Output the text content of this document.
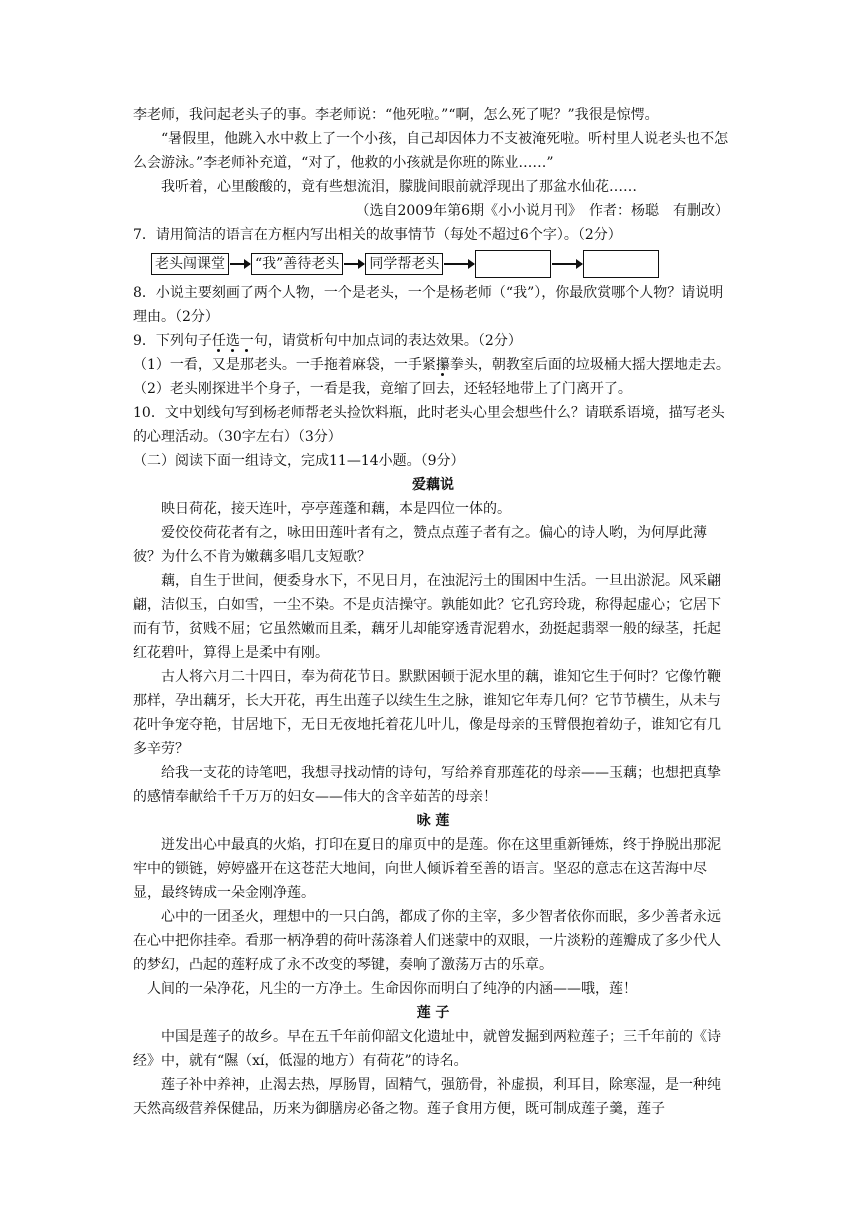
李老师，我问起老头子的事。李老师说：“他死啦。”“啊，怎么死了呢？”我很是惊愕。

“暑假里，他跳入水中救上了一个小孩，自己却因体力不支被淹死啦。听村里人说老头也不怎么会游泳。”李老师补充道，“对了，他救的小孩就是你班的陈业……”

我听着，心里酸酸的，竟有些想流泪，朦胧间眼前就浮现出了那盆水仙花……

（选自2009年第6期《小小说月刊》　作者：杨聪　有删改）

7．请用简洁的语言在方框内写出相关的故事情节（每处不超过6个字）。（2分）

老头闯课堂 “我”善待老头 同学帮老头

8．小说主要刻画了两个人物，一个是老头，一个是杨老师（“我”），你最欣赏哪个人物？请说明理由。（2分）

9．下列句子任选一句，请赏析句中加点词的表达效果。（2分）

（1）一看，又是那老头。一手拖着麻袋，一手紧攥拳头，朝教室后面的垃圾桶大摇大摆地走去。

（2）老头刚探进半个身子，一看是我，竟缩了回去，还轻轻地带上了门离开了。

10．文中划线句写到杨老师帮老头捡饮料瓶，此时老头心里会想些什么？请联系语境，描写老头的心理活动。（30字左右）（3分）

（二）阅读下面一组诗文，完成11—14小题。（9分）

爱藕说

映日荷花，接天连叶，亭亭莲蓬和藕，本是四位一体的。

爱佼佼荷花者有之，咏田田莲叶者有之，赞点点莲子者有之。偏心的诗人哟，为何厚此薄彼？为什么不肯为嫩藕多唱几支短歌？

藕，自生于世间，便委身水下，不见日月，在浊泥污土的围困中生活。一旦出淤泥。风采翩翩，洁似玉，白如雪，一尘不染。不是贞洁操守。孰能如此？它孔窍玲珑，称得起虚心；它居下而有节，贫贱不屈；它虽然嫩而且柔，藕牙儿却能穿透青泥碧水，劲挺起翡翠一般的绿茎，托起红花碧叶，算得上是柔中有刚。

古人将六月二十四日，奉为荷花节日。默默困顿于泥水里的藕，谁知它生于何时？它像竹鞭那样，孕出藕牙，长大开花，再生出莲子以续生生之脉，谁知它年寿几何？它节节横生，从未与花叶争宠夺艳，甘居地下，无日无夜地托着花儿叶儿，像是母亲的玉臂偎抱着幼子，谁知它有几多辛劳？

给我一支花的诗笔吧，我想寻找动情的诗句，写给养育那莲花的母亲——玉藕；也想把真挚的感情奉献给千千万万的妇女——伟大的含辛茹苦的母亲！

咏 莲

迸发出心中最真的火焰，打印在夏日的扉页中的是莲。你在这里重新锤炼，终于挣脱出那泥牢中的锁链，婷婷盛开在这苍茫大地间，向世人倾诉着至善的语言。坚忍的意志在这苦海中尽显，最终铸成一朵金刚净莲。

心中的一团圣火，理想中的一只白鸽，都成了你的主宰，多少智者依你而眠，多少善者永远在心中把你挂牵。看那一柄净碧的荷叶荡涤着人们迷蒙中的双眼，一片淡粉的莲瓣成了多少代人的梦幻，凸起的莲籽成了永不改变的琴键，奏响了激荡万古的乐章。

人间的一朵净花，凡尘的一方净土。生命因你而明白了纯净的内涵——哦，莲！

莲 子

中国是莲子的故乡。早在五千年前仰韶文化遗址中，就曾发掘到两粒莲子；三千年前的《诗经》中，就有“隰（xí，低湿的地方）有荷花”的诗名。

莲子补中养神，止渴去热，厚肠胃，固精气，强筋骨，补虚损，利耳目，除寒湿，是一种纯天然高级营养保健品，历来为御膳房必备之物。莲子食用方便，既可制成莲子羹，莲子
